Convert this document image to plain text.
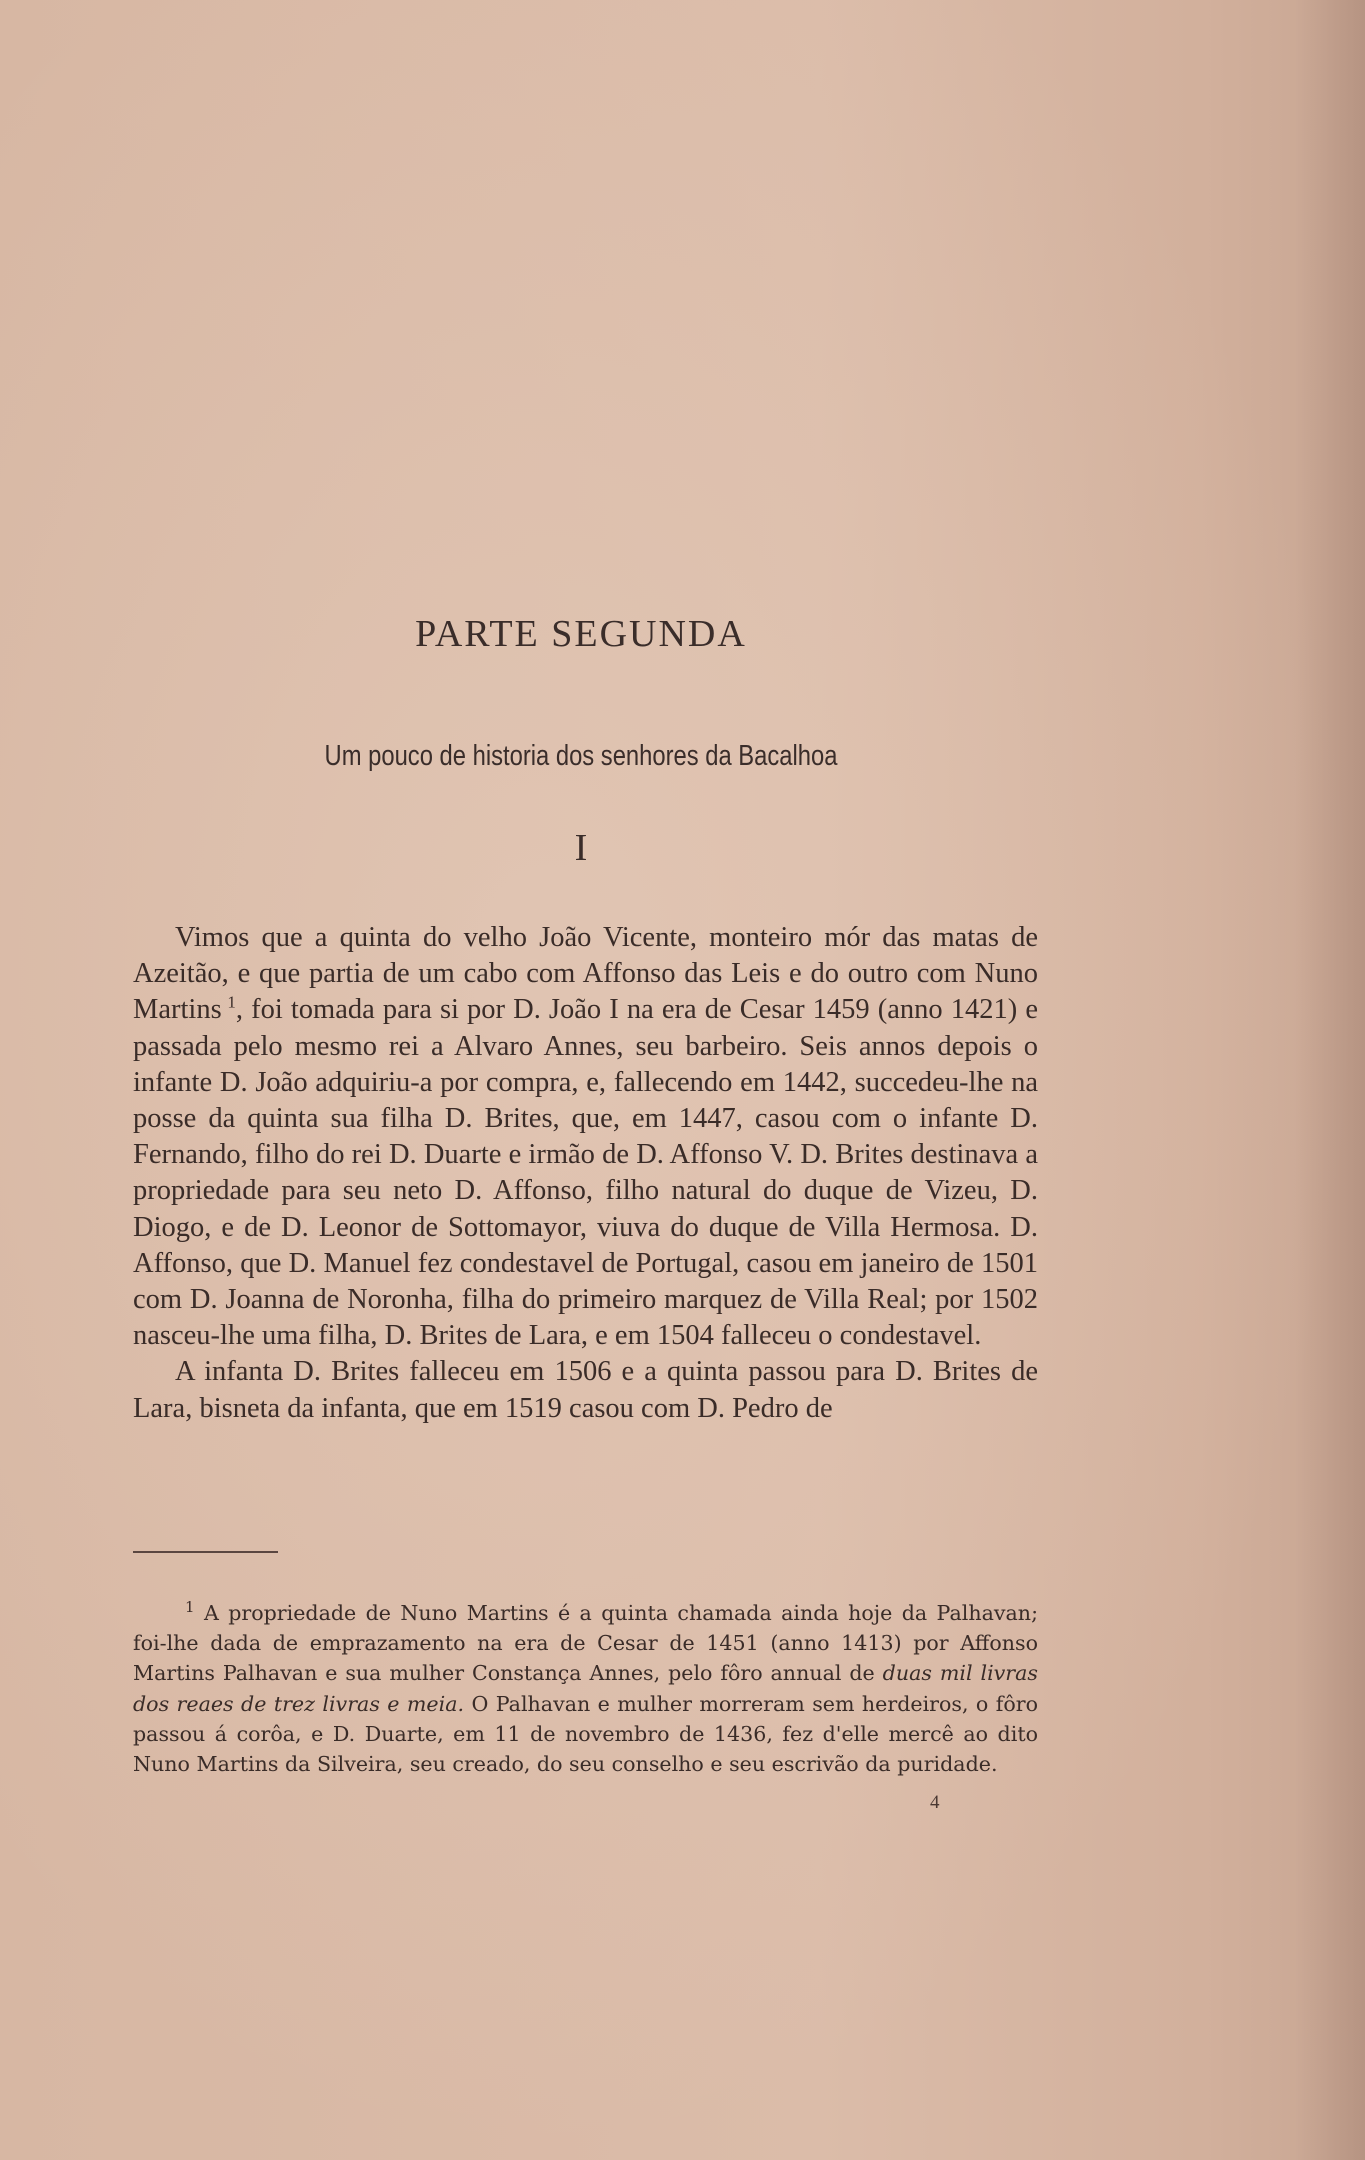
PARTE SEGUNDA
Um pouco de historia dos senhores da Bacalhoa
I

Vimos que a quinta do velho João Vicente, monteiro mór das matas de Azeitão, e que partia de um cabo com Affonso das Leis e do outro com Nuno Martins  $^1$, foi tomada para si por D. João I na era de Cesar 1459 (anno 1421) e passada pelo mesmo rei a Alvaro Annes, seu barbeiro. Seis annos depois o infante D. João adquiriu-a por compra, e, fallecendo em 1442, succedeu-lhe na posse da quinta sua filha D. Brites, que, em 1447, casou com o infante D. Fernando, filho do rei D. Duarte e irmão de D. Affonso V. D. Brites destinava a propriedade para seu neto D. Affonso, filho natural do duque de Vizeu, D. Diogo, e de D. Leonor de Sottomayor, viuva do duque de Villa Hermosa. D. Affonso, que D. Manuel fez condestavel de Portugal, casou em janeiro de 1501 com D. Joanna de Noronha, filha do primeiro marquez de Villa Real; por 1502 nasceu-lhe uma filha, D. Brites de Lara, e em 1504 falleceu o condestavel.

A infanta D. Brites falleceu em 1506 e a quinta passou para D. Brites de Lara, bisneta da infanta, que em 1519 casou com D. Pedro de

$^1$ A propriedade de Nuno Martins é a quinta chamada ainda hoje da Palhavan; foi-lhe dada de emprazamento na era de Cesar de 1451 (anno 1413) por Affonso Martins Palhavan e sua mulher Constança Annes, pelo fôro annual de duas mil livras dos reaes de trez livras e meia. O Palhavan e mulher morreram sem herdeiros, o fôro passou á corôa, e D. Duarte, em 11 de novembro de 1436, fez d'elle mercê ao dito Nuno Martins da Silveira, seu creado, do seu conselho e seu escrivão da puridade.

4
